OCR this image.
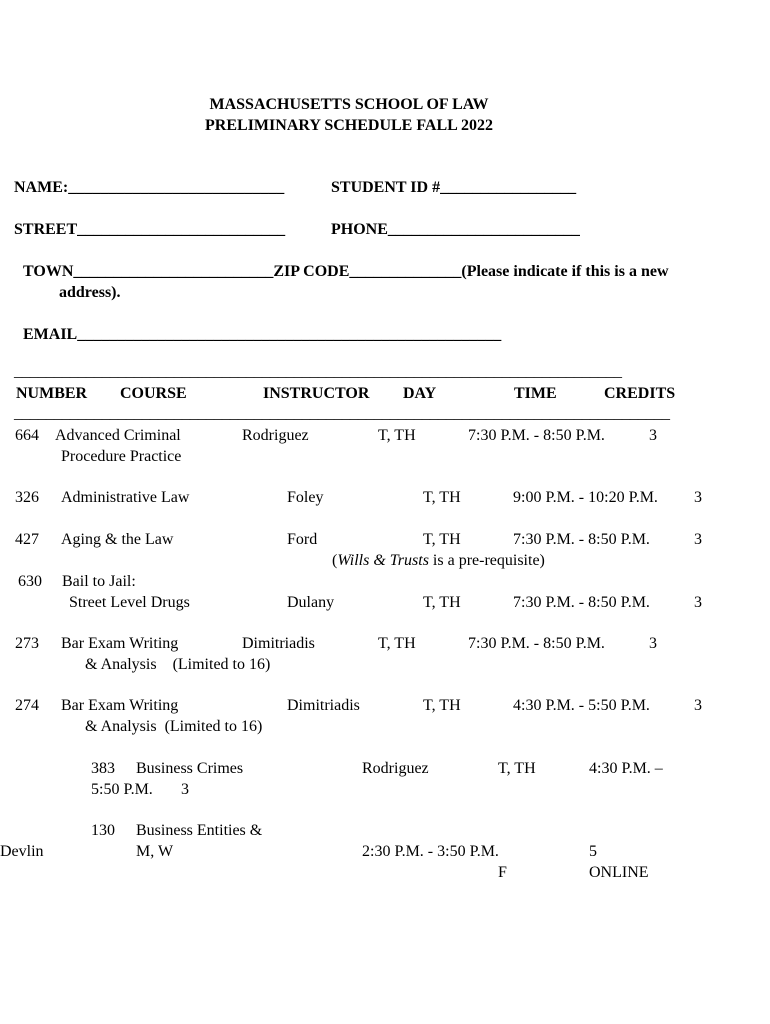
MASSACHUSETTS SCHOOL OF LAW
PRELIMINARY SCHEDULE FALL 2022
NAME:___________________________	STUDENT ID #_________________
STREET__________________________	PHONE________________________
TOWN_________________________ZIP CODE______________(Please indicate if this is a new
address).
EMAIL_____________________________________________________
____________________________________________________________________________
NUMBER COURSE	INSTRUCTOR DAY	TIME	CREDITS
__________________________________________________________________________________
664 Advanced Criminal
Procedure Practice
Rodriguez	T, TH	7:30 P.M. - 8:50 P.M.	3
326 Administrative Law	Foley	T, TH	9:00 P.M. - 10:20 P.M. 3
427 Aging & the Law	Ford	T, TH	7:30 P.M. - 8:50 P.M.	3
(Wills & Trusts is a pre-requisite)
630 Bail to Jail:
Street Level Drugs	Dulany	T, TH	7:30 P.M. - 8:50 P.M.	3
273 Bar Exam Writing
& Analysis    (Limited to 16)
Dimitriadis	T, TH	7:30 P.M. - 8:50 P.M.	3
274 Bar Exam Writing
& Analysis  (Limited to 16)
Dimitriadis	T, TH	4:30 P.M. - 5:50 P.M.	3
383 Business Crimes	Rodriguez	T, TH	4:30 P.M. –
5:50 P.M. 3
130 Business Entities &
Devlin	M, W	2:30 P.M. - 3:50 P.M.	5
F	ONLINE
